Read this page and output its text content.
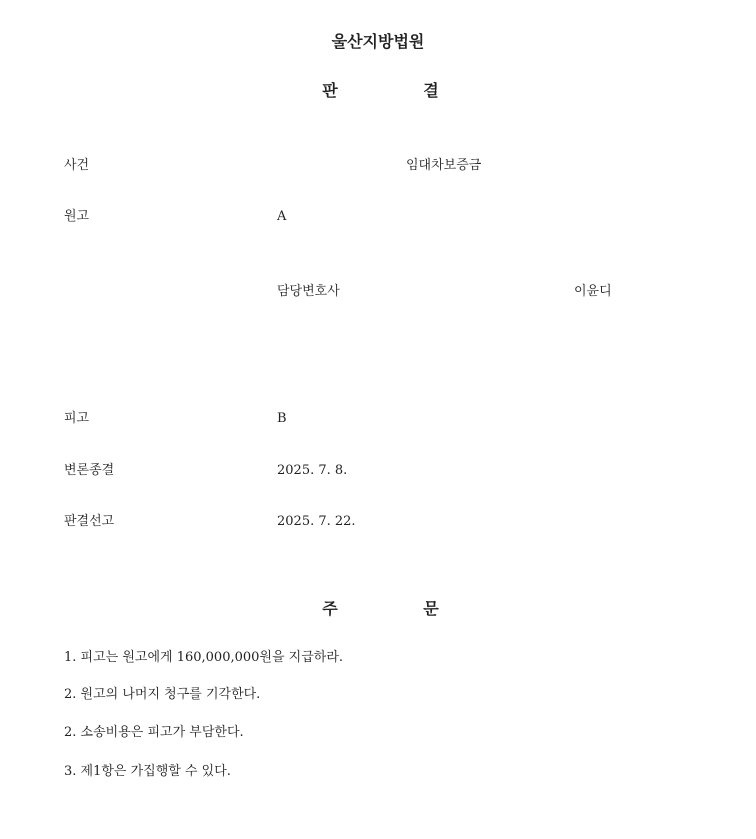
울산지방법원
판	결
사건	임대차보증금
원고	A
담당변호사	이윤디
피고	B
변론종결	2025. 7. 8.
판결선고	2025. 7. 22.
주	문
1. 피고는 원고에게 160,000,000원을 지급하라.
2. 원고의 나머지 청구를 기각한다.
2. 소송비용은 피고가 부담한다.
3. 제1항은 가집행할 수 있다.
